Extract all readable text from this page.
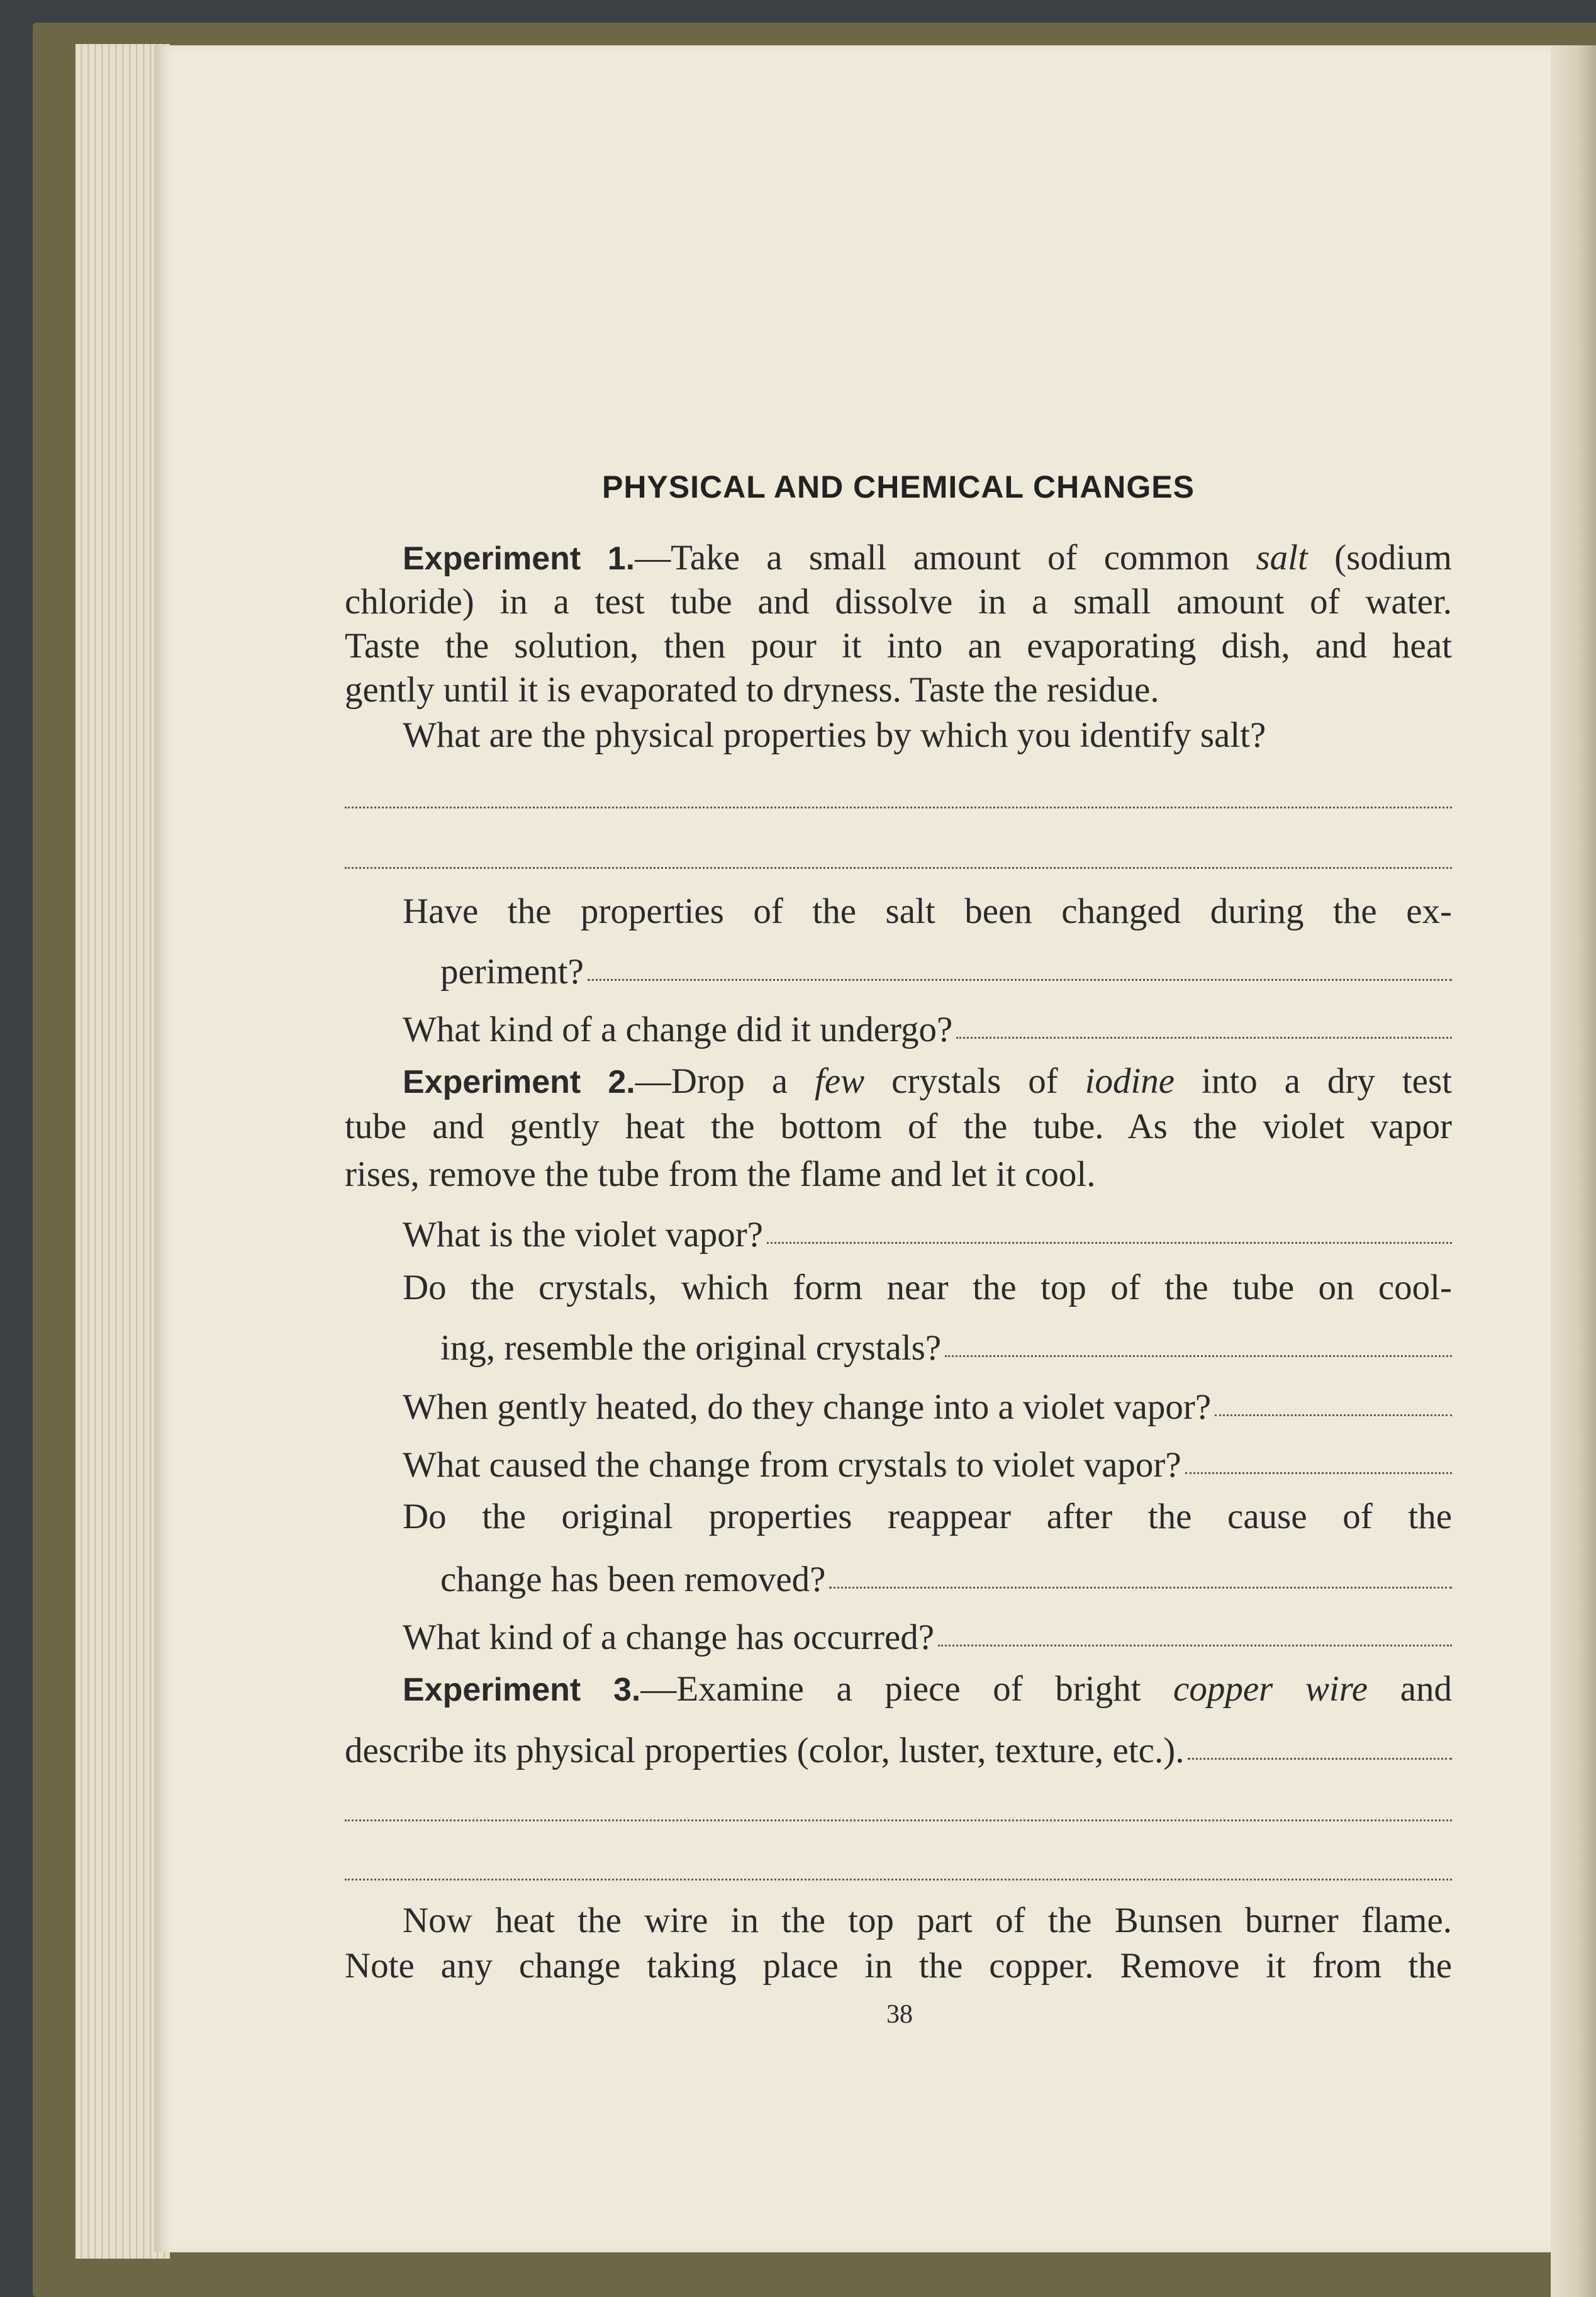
PHYSICAL AND CHEMICAL CHANGES
Experiment 1.—Take a small amount of common salt (sodium
chloride) in a test tube and dissolve in a small amount of water.
Taste the solution, then pour it into an evaporating dish, and heat
gently until it is evaporated to dryness. Taste the residue.
What are the physical properties by which you identify salt?
Have the properties of the salt been changed during the ex-
periment?
What kind of a change did it undergo?
Experiment 2.—Drop a few crystals of iodine into a dry test
tube and gently heat the bottom of the tube. As the violet vapor
rises, remove the tube from the flame and let it cool.
What is the violet vapor?
Do the crystals, which form near the top of the tube on cool-
ing, resemble the original crystals?
When gently heated, do they change into a violet vapor?
What caused the change from crystals to violet vapor?
Do the original properties reappear after the cause of the
change has been removed?
What kind of a change has occurred?
Experiment 3.—Examine a piece of bright copper wire and
describe its physical properties (color, luster, texture, etc.).
Now heat the wire in the top part of the Bunsen burner flame.
Note any change taking place in the copper. Remove it from the
38
